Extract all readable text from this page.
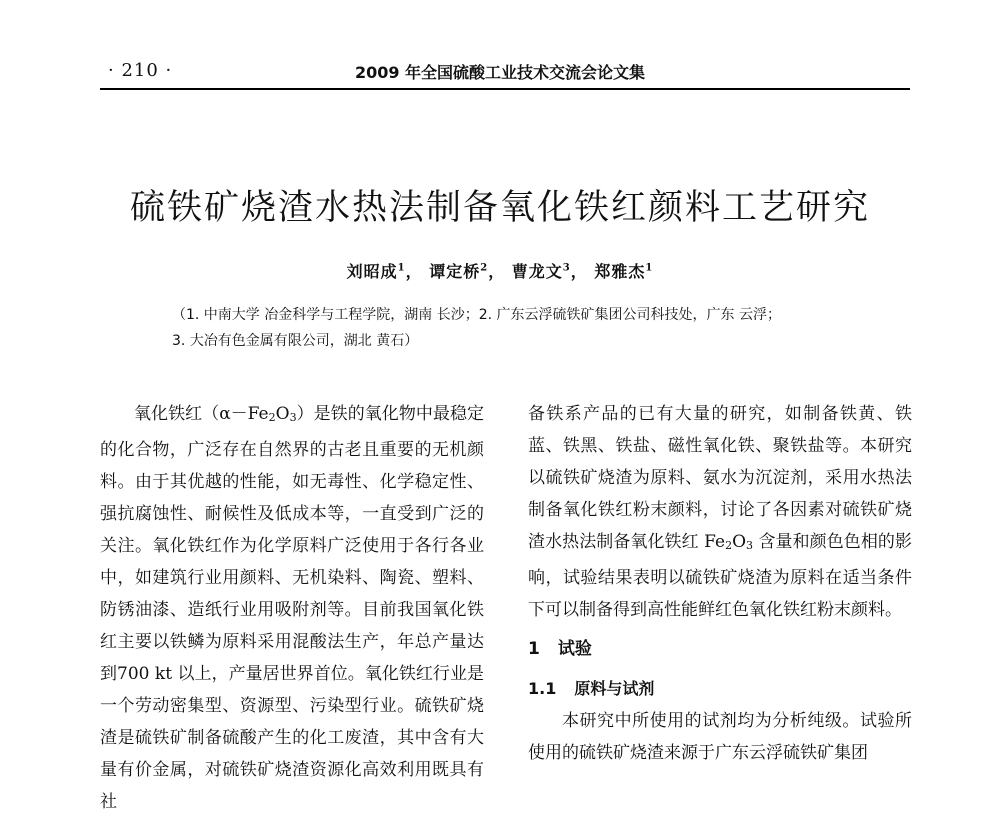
· 210 ·	2009 年全国硫酸工业技术交流会论文集
硫铁矿烧渣水热法制备氧化铁红颜料工艺研究
刘昭成$^1$， 谭定桥$^2$， 曹龙文$^3$， 郑雅杰$^1$
（1. 中南大学 冶金科学与工程学院，湖南 长沙；2. 广东云浮硫铁矿集团公司科技处，广东 云浮；
3. 大冶有色金属有限公司，湖北 黄石）

氧化铁红（α－Fe2O3）是铁的氧化物中最稳定的化合物，广泛存在自然界的古老且重要的无机颜料。由于其优越的性能，如无毒性、化学稳定性、强抗腐蚀性、耐候性及低成本等，一直受到广泛的关注。氧化铁红作为化学原料广泛使用于各行各业中，如建筑行业用颜料、无机染料、陶瓷、塑料、防锈油漆、造纸行业用吸附剂等。目前我国氧化铁红主要以铁鳞为原料采用混酸法生产，年总产量达到700 kt 以上，产量居世界首位。氧化铁红行业是一个劳动密集型、资源型、污染型行业。硫铁矿烧渣是硫铁矿制备硫酸产生的化工废渣，其中含有大量有价金属，对硫铁矿烧渣资源化高效利用既具有社

备铁系产品的已有大量的研究，如制备铁黄、铁蓝、铁黑、铁盐、磁性氧化铁、聚铁盐等。本研究以硫铁矿烧渣为原料、氨水为沉淀剂，采用水热法制备氧化铁红粉末颜料，讨论了各因素对硫铁矿烧渣水热法制备氧化铁红 Fe2O3 含量和颜色色相的影响，试验结果表明以硫铁矿烧渣为原料在适当条件下可以制备得到高性能鲜红色氧化铁红粉末颜料。

1 试验
1.1 原料与试剂

本研究中所使用的试剂均为分析纯级。试验所使用的硫铁矿烧渣来源于广东云浮硫铁矿集团
